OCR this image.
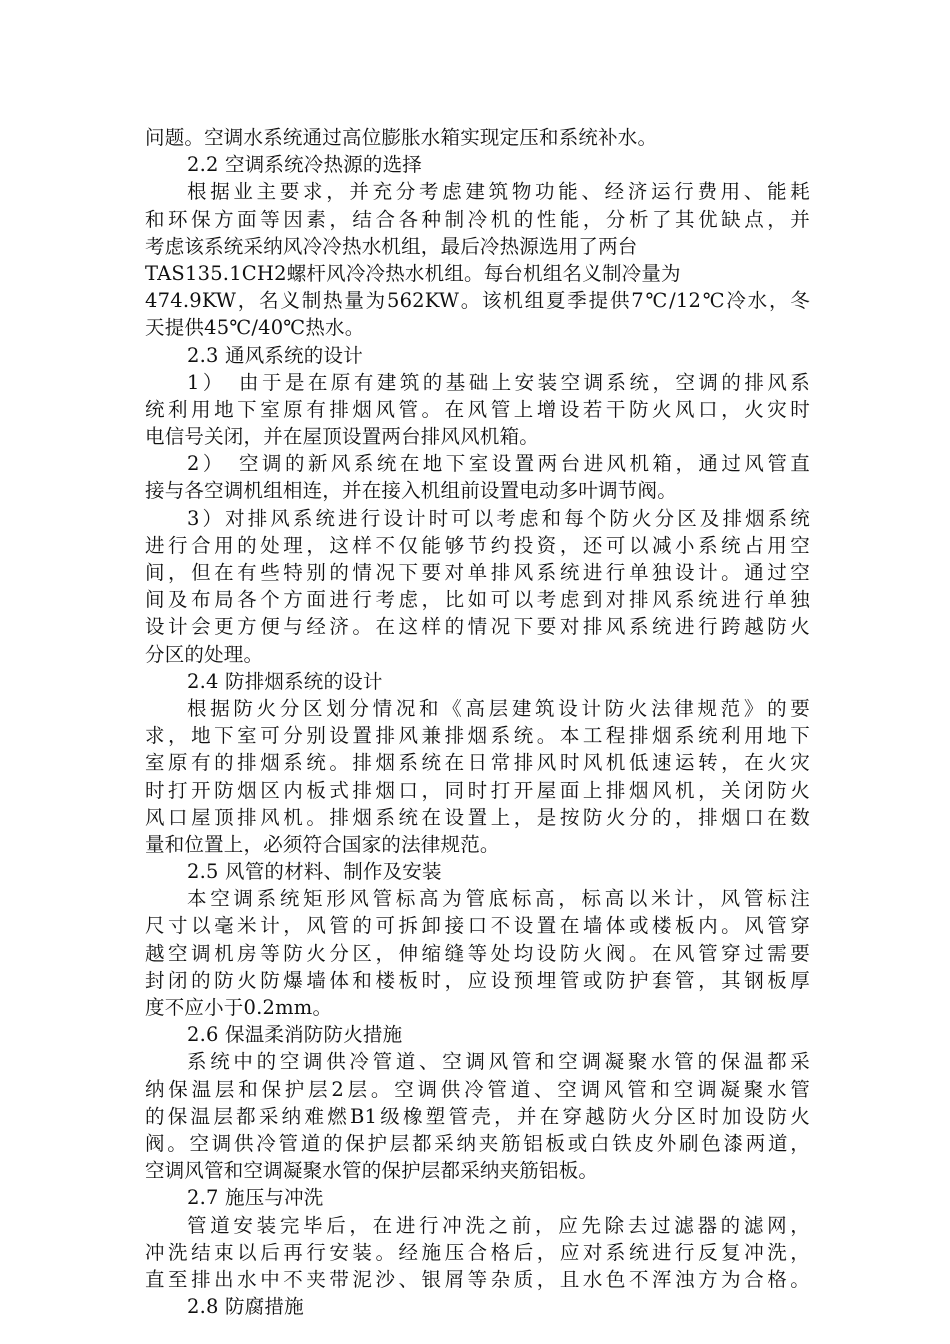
问题。空调水系统通过高位膨胀水箱实现定压和系统补水。
2.2 空调系统冷热源的选择
根据业主要求，并充分考虑建筑物功能、经济运行费用、能耗
和环保方面等因素，结合各种制冷机的性能，分析了其优缺点，并
考虑该系统采纳风冷冷热水机组，最后冷热源选用了两台
TAS135.1CH2螺杆风冷冷热水机组。每台机组名义制冷量为
474.9KW，名义制热量为562KW。该机组夏季提供7℃/12℃冷水，冬
天提供45℃/40℃热水。
2.3 通风系统的设计
1）　由于是在原有建筑的基础上安装空调系统，空调的排风系
统利用地下室原有排烟风管。在风管上增设若干防火风口，火灾时
电信号关闭，并在屋顶设置两台排风风机箱。
2）　空调的新风系统在地下室设置两台进风机箱，通过风管直
接与各空调机组相连，并在接入机组前设置电动多叶调节阀。
3）对排风系统进行设计时可以考虑和每个防火分区及排烟系统
进行合用的处理，这样不仅能够节约投资，还可以减小系统占用空
间，但在有些特别的情况下要对单排风系统进行单独设计。通过空
间及布局各个方面进行考虑，比如可以考虑到对排风系统进行单独
设计会更方便与经济。在这样的情况下要对排风系统进行跨越防火
分区的处理。
2.4 防排烟系统的设计
根据防火分区划分情况和《高层建筑设计防火法律规范》的要
求，地下室可分别设置排风兼排烟系统。本工程排烟系统利用地下
室原有的排烟系统。排烟系统在日常排风时风机低速运转，在火灾
时打开防烟区内板式排烟口，同时打开屋面上排烟风机，关闭防火
风口屋顶排风机。排烟系统在设置上，是按防火分的，排烟口在数
量和位置上，必须符合国家的法律规范。
2.5 风管的材料、制作及安装
本空调系统矩形风管标高为管底标高，标高以米计，风管标注
尺寸以毫米计，风管的可拆卸接口不设置在墙体或楼板内。风管穿
越空调机房等防火分区，伸缩缝等处均设防火阀。在风管穿过需要
封闭的防火防爆墙体和楼板时，应设预埋管或防护套管，其钢板厚
度不应小于0.2mm。
2.6 保温柔消防防火措施
系统中的空调供冷管道、空调风管和空调凝聚水管的保温都采
纳保温层和保护层2层。空调供冷管道、空调风管和空调凝聚水管
的保温层都采纳难燃B1级橡塑管壳，并在穿越防火分区时加设防火
阀。空调供冷管道的保护层都采纳夹筋铝板或白铁皮外刷色漆两道，
空调风管和空调凝聚水管的保护层都采纳夹筋铝板。
2.7 施压与冲洗
管道安装完毕后，在进行冲洗之前，应先除去过滤器的滤网，
冲洗结束以后再行安装。经施压合格后，应对系统进行反复冲洗，
直至排出水中不夹带泥沙、银屑等杂质，且水色不浑浊方为合格。
2.8 防腐措施
